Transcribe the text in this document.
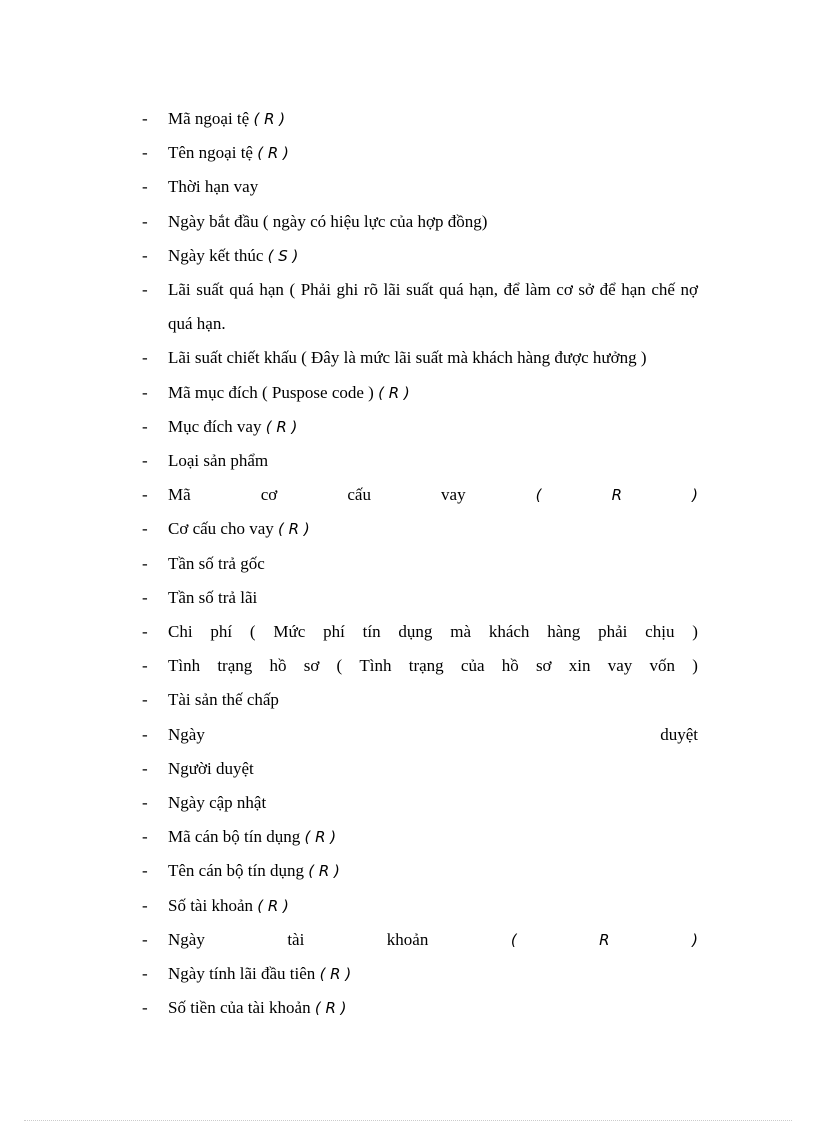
- Mã ngoại tệ ( R )
- Tên ngoại tệ ( R )
- Thời hạn vay
- Ngày bắt đầu ( ngày có hiệu lực của hợp đồng)
- Ngày kết thúc ( S )
- Lãi suất quá hạn ( Phải ghi rõ lãi suất quá hạn, để làm cơ sở để hạn chế nợ quá hạn.
- Lãi suất chiết khấu ( Đây là mức lãi suất mà khách hàng được hưởng )
- Mã mục đích ( Puspose code ) ( R )
- Mục đích vay ( R )
- Loại sản phẩm
- Mã	cơ	cấu	vay	(	R	)
- Cơ cấu cho vay ( R )
- Tần số trả gốc
- Tần số trả lãi
- Chi phí ( Mức phí tín dụng mà khách hàng phải chịu )
- Tình trạng hồ sơ ( Tình trạng của hồ sơ xin vay vốn )
- Tài sản thế chấp
- Ngày	duyệt
- Người duyệt
- Ngày cập nhật
- Mã cán bộ tín dụng ( R )
- Tên cán bộ tín dụng ( R )
- Số tài khoản ( R )
- Ngày	tài	khoản	(	R	)
- Ngày tính lãi đầu tiên ( R )
- Số tiền của tài khoản ( R )
